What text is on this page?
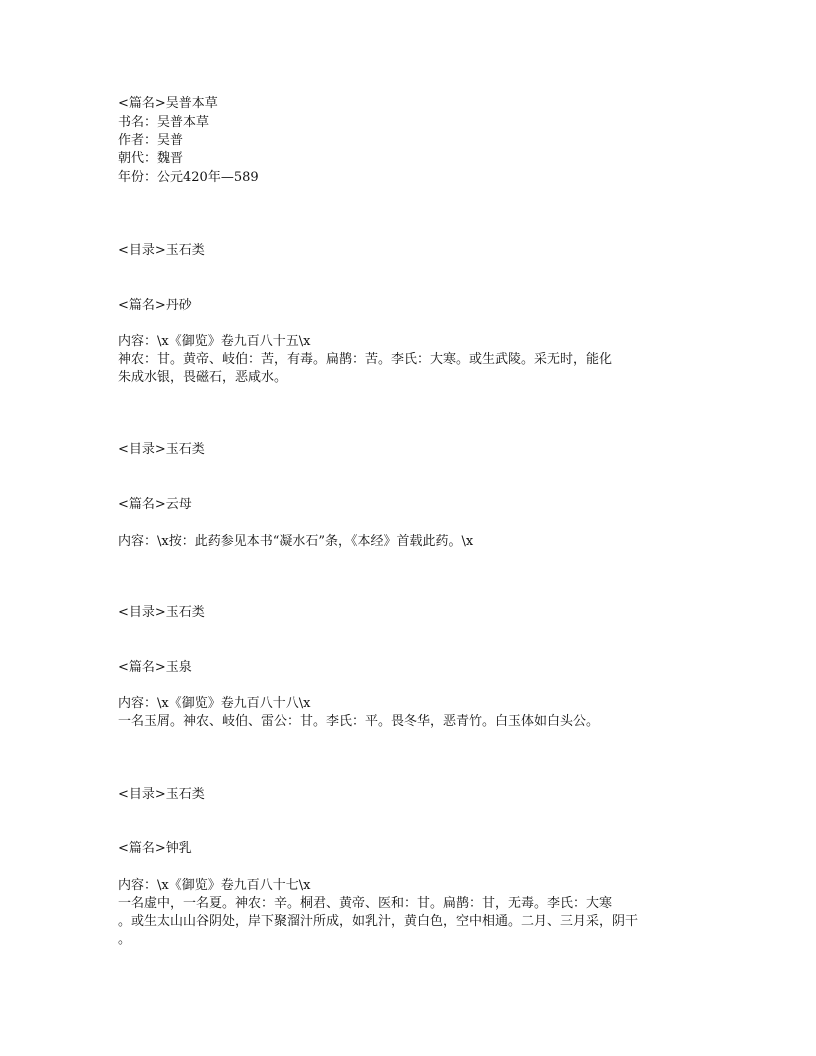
<篇名>吴普本草
书名：吴普本草
作者：吴普
朝代：魏晋
年份：公元420年—589
<目录>玉石类
<篇名>丹砂
内容：\x《御览》卷九百八十五\x
神农：甘。黄帝、岐伯：苦，有毒。扁鹊：苦。李氏：大寒。或生武陵。采无时，能化
朱成水银，畏磁石，恶咸水。
<目录>玉石类
<篇名>云母
内容：\x按：此药参见本书“凝水石”条，《本经》首载此药。\x
<目录>玉石类
<篇名>玉泉
内容：\x《御览》卷九百八十八\x
一名玉屑。神农、岐伯、雷公：甘。李氏：平。畏冬华，恶青竹。白玉体如白头公。
<目录>玉石类
<篇名>钟乳
内容：\x《御览》卷九百八十七\x
一名虚中，一名夏。神农：辛。桐君、黄帝、医和：甘。扁鹊：甘，无毒。李氏：大寒
。或生太山山谷阴处，岸下聚溜汁所成，如乳汁，黄白色，空中相通。二月、三月采，阴干
。
